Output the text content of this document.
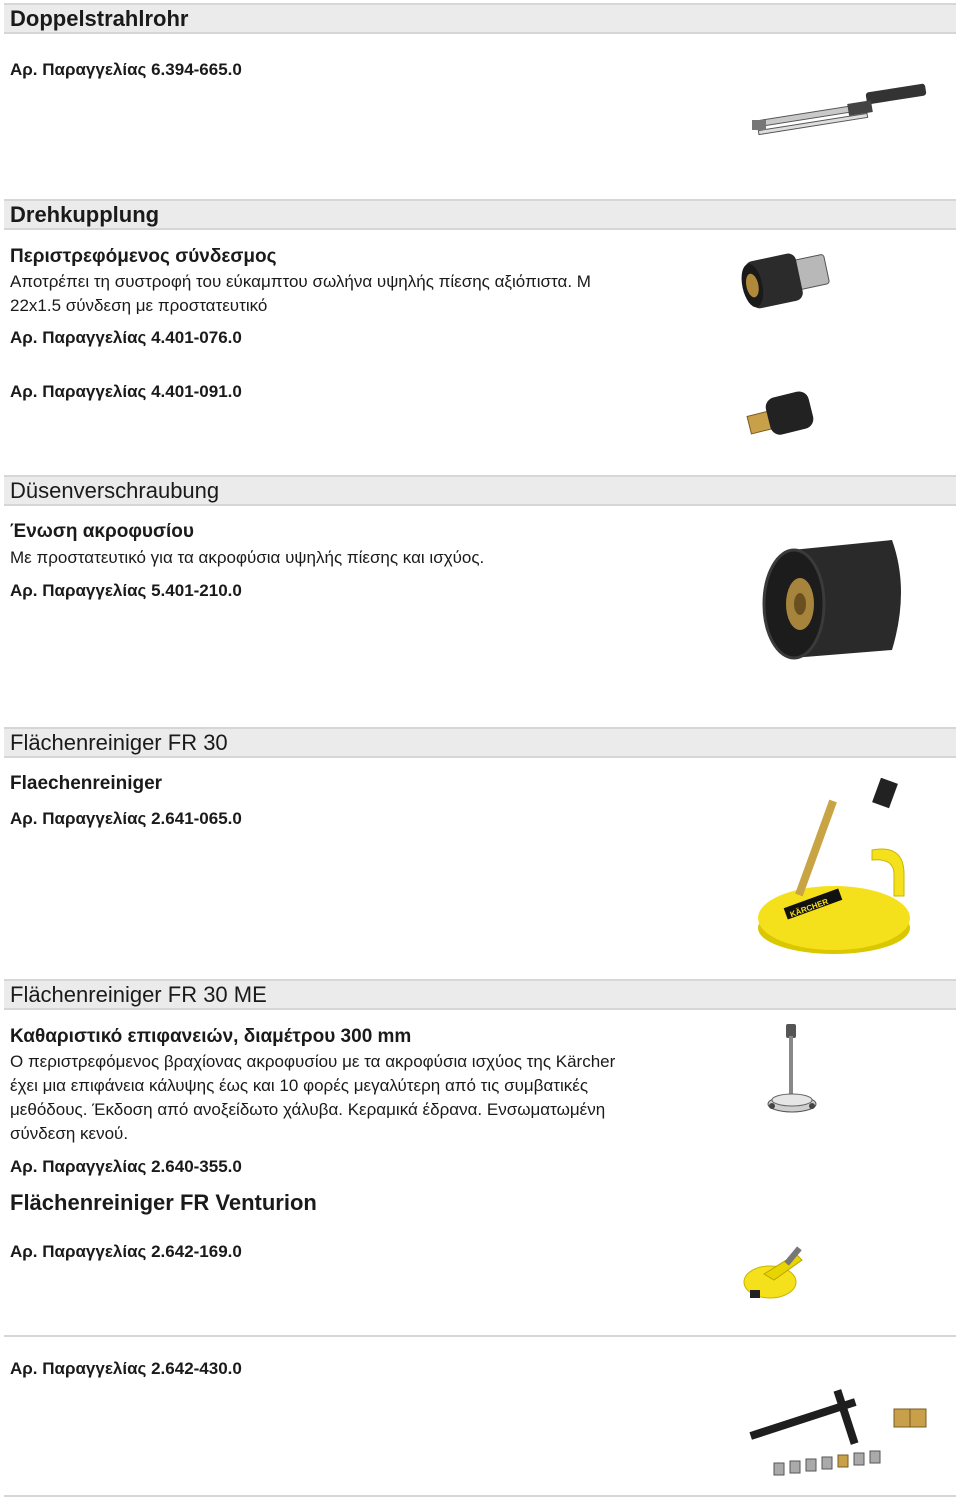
Doppelstrahlrohr
Αρ. Παραγγελίας 6.394-665.0
Drehkupplung
Περιστρεφόμενος σύνδεσμος
Αποτρέπει τη συστροφή του εύκαμπτου σωλήνα υψηλής πίεσης αξιόπιστα. M
22x1.5 σύνδεση με προστατευτικό
Αρ. Παραγγελίας 4.401-076.0
Αρ. Παραγγελίας 4.401-091.0
Düsenverschraubung
Ένωση ακροφυσίου
Με προστατευτικό για τα ακροφύσια υψηλής πίεσης και ισχύος.
Αρ. Παραγγελίας 5.401-210.0
Flächenreiniger FR 30
Flaechenreiniger
Αρ. Παραγγελίας 2.641-065.0
KÄRCHER
Flächenreiniger FR 30 ME
Καθαριστικό επιφανειών, διαμέτρου 300 mm
Ο περιστρεφόμενος βραχίονας ακροφυσίου με τα ακροφύσια ισχύος της Kärcher
έχει μια επιφάνεια κάλυψης έως και 10 φορές μεγαλύτερη από τις συμβατικές
μεθόδους. Έκδοση από ανοξείδωτο χάλυβα. Κεραμικά έδρανα. Ενσωματωμένη
σύνδεση κενού.
Αρ. Παραγγελίας 2.640-355.0
Flächenreiniger FR Venturion
Αρ. Παραγγελίας 2.642-169.0
Αρ. Παραγγελίας 2.642-430.0
